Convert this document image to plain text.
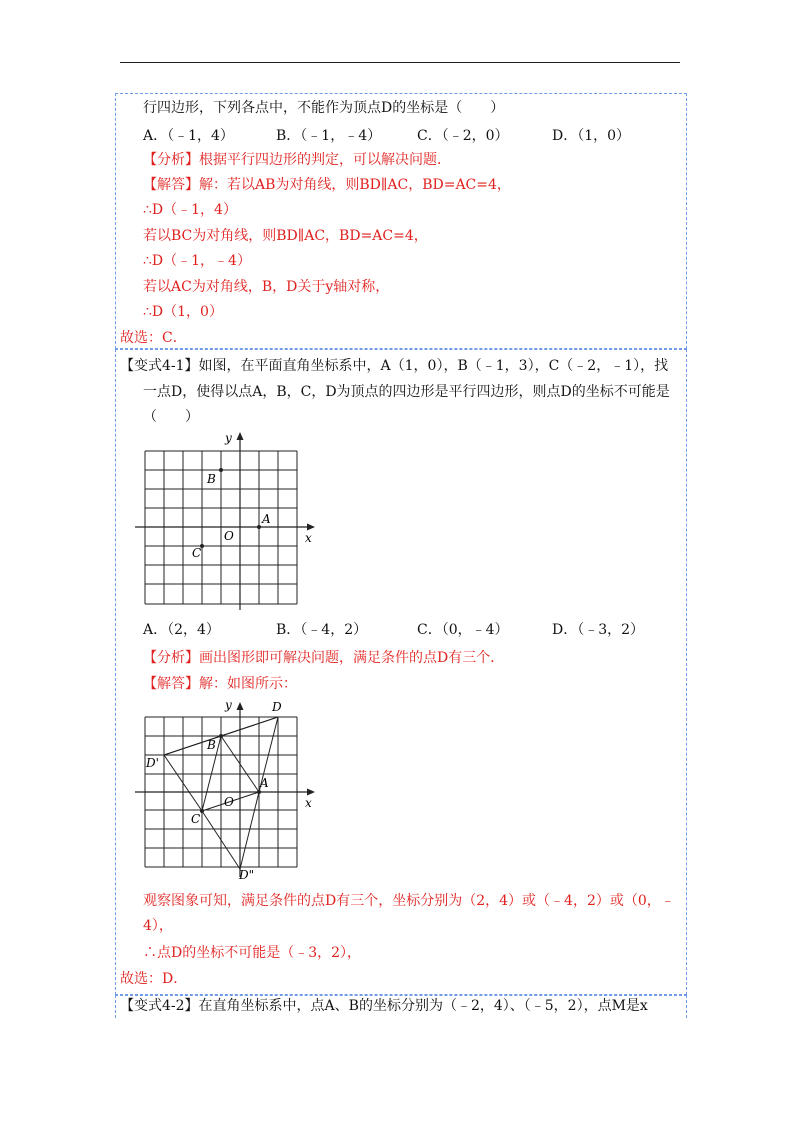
行四边形，下列各点中，不能作为顶点D的坐标是（　　）
A．（﹣1，4）	B．（﹣1，﹣4）	C．（﹣2，0）	D．（1，0）
【分析】根据平行四边形的判定，可以解决问题．
【解答】解：若以AB为对角线，则BD∥AC，BD=AC=4，
∴D（﹣1，4）
若以BC为对角线，则BD∥AC，BD=AC=4，
∴D（﹣1，﹣4）
若以AC为对角线，B，D关于y轴对称，
∴D（1，0）
故选：C．
【变式4-1】如图，在平面直角坐标系中，A（1，0），B（﹣1，3），C（﹣2，﹣1），找
一点D，使得以点A，B，C，D为顶点的四边形是平行四边形，则点D的坐标不可能是
（　　）
y
x
O
A
B
C
A．（2，4）	B．（﹣4，2）	C．（0，﹣4）	D．（﹣3，2）
【分析】画出图形即可解决问题，满足条件的点D有三个．
【解答】解：如图所示：
y
x
O
A
B
C
D
D'
D"
观察图象可知，满足条件的点D有三个，坐标分别为（2，4）或（﹣4，2）或（0，﹣
4），
∴点D的坐标不可能是（﹣3，2），
故选：D．
【变式4-2】在直角坐标系中，点A、B的坐标分别为（﹣2，4）、（﹣5，2），点M是x
